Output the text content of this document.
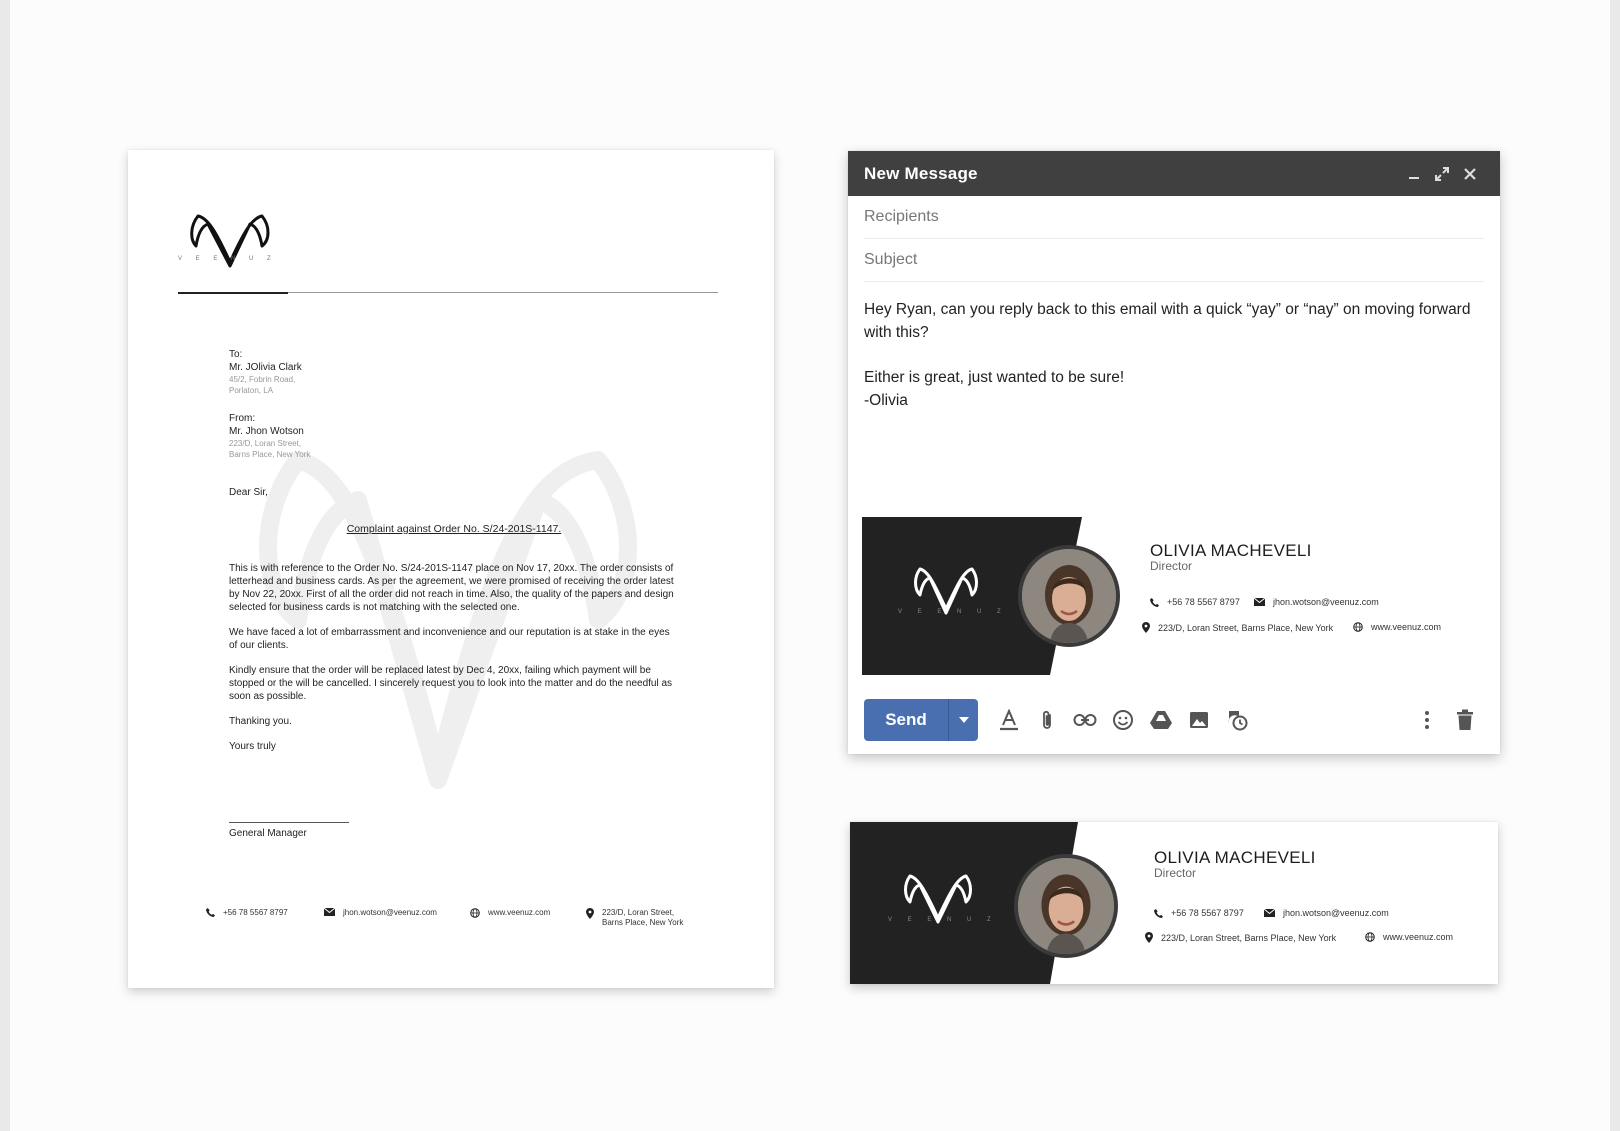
V E E N U Z
To:
Mr. JOlivia Clark
45/2, Fobrin Road,
Porlaton, LA
From:
Mr. Jhon Wotson
223/D, Loran Street,
Barns Place, New York
Dear Sir,
Complaint against Order No. S/24-201S-1147.

This is with reference to the Order No. S/24-201S-1147 place on Nov 17, 20xx. The order consists of letterhead and business cards. As per the agreement, we were promised of receiving the order latest by Nov 22, 20xx. First of all the order did not reach in time. Also, the quality of the papers and design selected for business cards is not matching with the selected one.

We have faced a lot of embarrassment and inconvenience and our reputation is at stake in the eyes of our clients.

Kindly ensure that the order will be replaced latest by Dec 4, 20xx, failing which payment will be stopped or the will be cancelled. I sincerely request you to look into the matter and do the needful as soon as possible.

Thanking you.

Yours truly

General Manager
+56 78 5567 8797	jhon.wotson@veenuz.com	www.veenuz.com	223/D, Loran Street,
Barns Place, New York
New Message
Recipients
Subject
Hey Ryan, can you reply back to this email with a quick “yay” or “nay” on moving forward with this?
Either is great, just wanted to be sure!
-Olivia
V E E N U Z
OLIVIA MACHEVELI
Director
+56 78 5567 8797	jhon.wotson@veenuz.com
223/D, Loran Street, Barns Place, New York	www.veenuz.com
Send
V E E N U Z
OLIVIA MACHEVELI
Director
+56 78 5567 8797	jhon.wotson@veenuz.com
223/D, Loran Street, Barns Place, New York	www.veenuz.com
